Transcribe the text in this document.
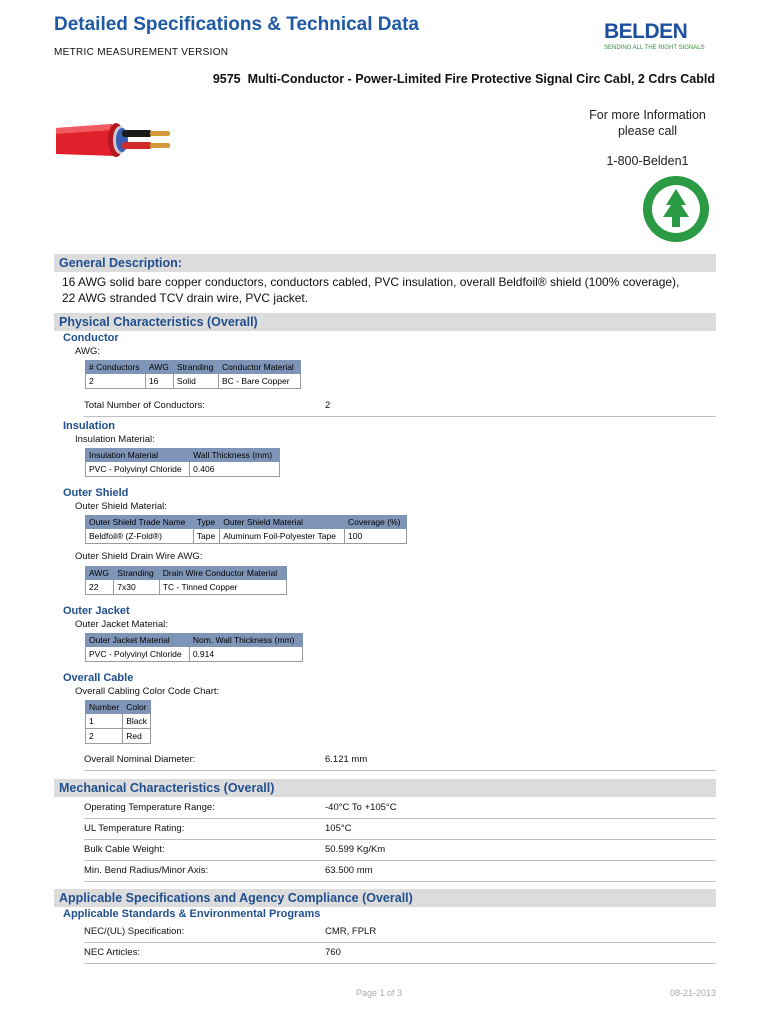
Detailed Specifications & Technical Data
METRIC MEASUREMENT VERSION
BELDEN
SENDING ALL THE RIGHT SIGNALS
9575 Multi-Conductor - Power-Limited Fire Protective Signal Circ Cabl, 2 Cdrs Cabld
For more Information
please call
1-800-Belden1
General Description:
16 AWG solid bare copper conductors, conductors cabled, PVC insulation, overall Beldfoil® shield (100% coverage), 22 AWG stranded TCV drain wire, PVC jacket.
Physical Characteristics (Overall)
Conductor
AWG:
# Conductors	AWG	Stranding	Conductor Material
2	16	Solid	BC - Bare Copper
Total Number of Conductors:	2
Insulation
Insulation Material:
Insulation Material	Wall Thickness (mm)
PVC - Polyvinyl Chloride	0.406
Outer Shield
Outer Shield Material:
Outer Shield Trade Name	Type	Outer Shield Material	Coverage (%)
Beldfoil® (Z-Fold®)	Tape	Aluminum Foil-Polyester Tape	100
Outer Shield Drain Wire AWG:
AWG	Stranding	Drain Wire Conductor Material
22	7x30	TC - Tinned Copper
Outer Jacket
Outer Jacket Material:
Outer Jacket Material	Nom. Wall Thickness (mm)
PVC - Polyvinyl Chloride	0.914
Overall Cable
Overall Cabling Color Code Chart:
Number	Color
1	Black
2	Red
Overall Nominal Diameter:	6.121 mm
Mechanical Characteristics (Overall)
Operating Temperature Range:	-40°C To +105°C
UL Temperature Rating:	105°C
Bulk Cable Weight:	50.599 Kg/Km
Min. Bend Radius/Minor Axis:	63.500 mm
Applicable Specifications and Agency Compliance (Overall)
Applicable Standards & Environmental Programs
NEC/(UL) Specification:	CMR, FPLR
NEC Articles:	760
Page 1 of 3	08-21-2013
